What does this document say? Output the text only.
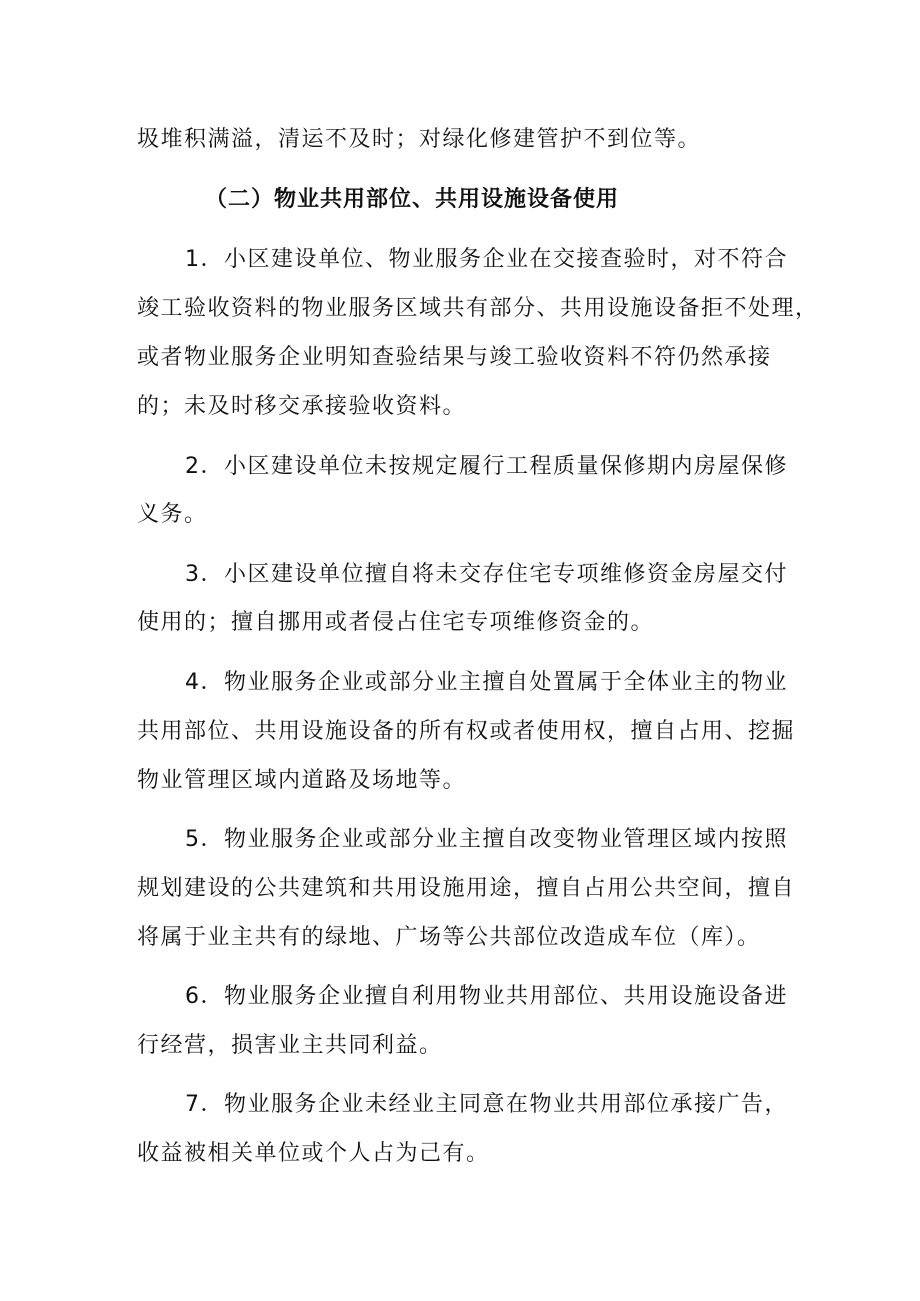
圾堆积满溢，清运不及时；对绿化修建管护不到位等。
（二）物业共用部位、共用设施设备使用
1．小区建设单位、物业服务企业在交接查验时，对不符合
竣工验收资料的物业服务区域共有部分、共用设施设备拒不处理，
或者物业服务企业明知查验结果与竣工验收资料不符仍然承接
的；未及时移交承接验收资料。
2．小区建设单位未按规定履行工程质量保修期内房屋保修
义务。
3．小区建设单位擅自将未交存住宅专项维修资金房屋交付
使用的；擅自挪用或者侵占住宅专项维修资金的。
4．物业服务企业或部分业主擅自处置属于全体业主的物业
共用部位、共用设施设备的所有权或者使用权，擅自占用、挖掘
物业管理区域内道路及场地等。
5．物业服务企业或部分业主擅自改变物业管理区域内按照
规划建设的公共建筑和共用设施用途，擅自占用公共空间，擅自
将属于业主共有的绿地、广场等公共部位改造成车位（库）。
6．物业服务企业擅自利用物业共用部位、共用设施设备进
行经营，损害业主共同利益。
7．物业服务企业未经业主同意在物业共用部位承接广告，
收益被相关单位或个人占为己有。
